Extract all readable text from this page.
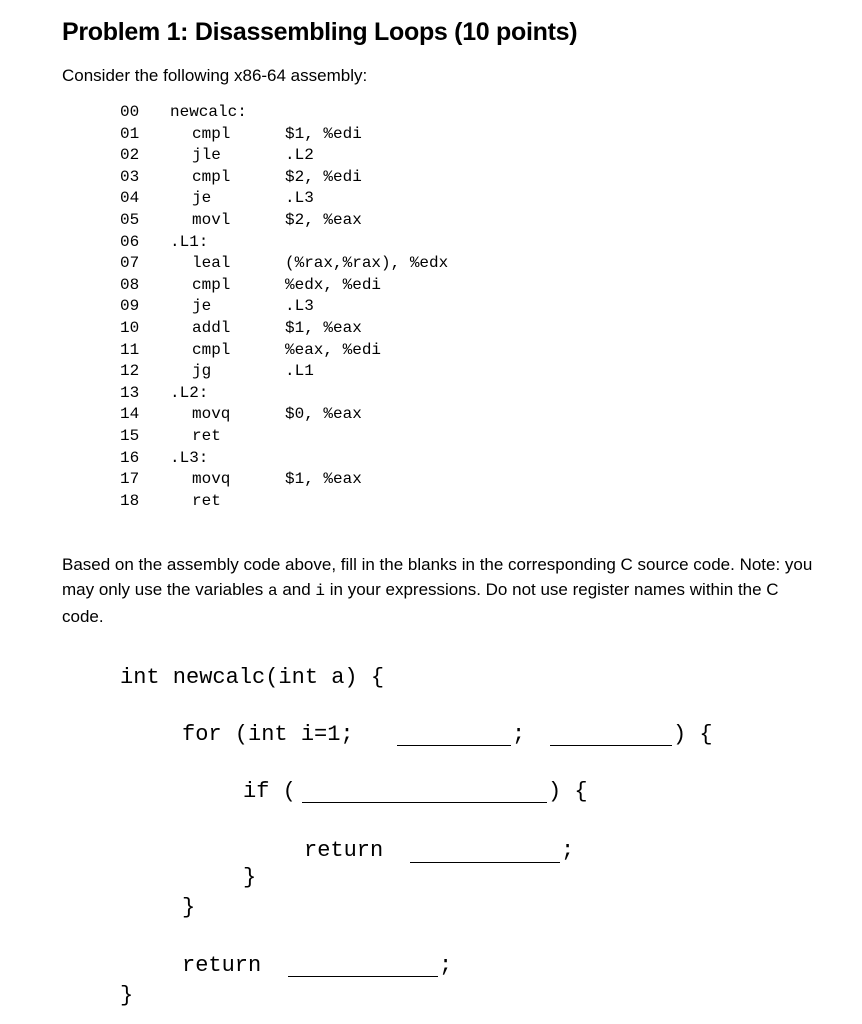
Problem 1: Disassembling Loops (10 points)
Consider the following x86-64 assembly:
00 newcalc:
01	cmpl	$1, %edi
02	jle	.L2
03	cmpl	$2, %edi
04	je	.L3
05	movl	$2, %eax
06 .L1:
07	leal	(%rax,%rax), %edx
08	cmpl	%edx, %edi
09	je	.L3
10	addl	$1, %eax
11	cmpl	%eax, %edi
12	jg	.L1
13 .L2:
14	movq	$0, %eax
15	ret
16 .L3:
17	movq	$1, %eax
18	ret
Based on the assembly code above, fill in the blanks in the corresponding C source code. Note: you may only use the variables a and i in your expressions. Do not use register names within the C code.
int newcalc(int a) {
for (int i=1;	;	) {
if (	) {
return	;
}
}
return	;
}
